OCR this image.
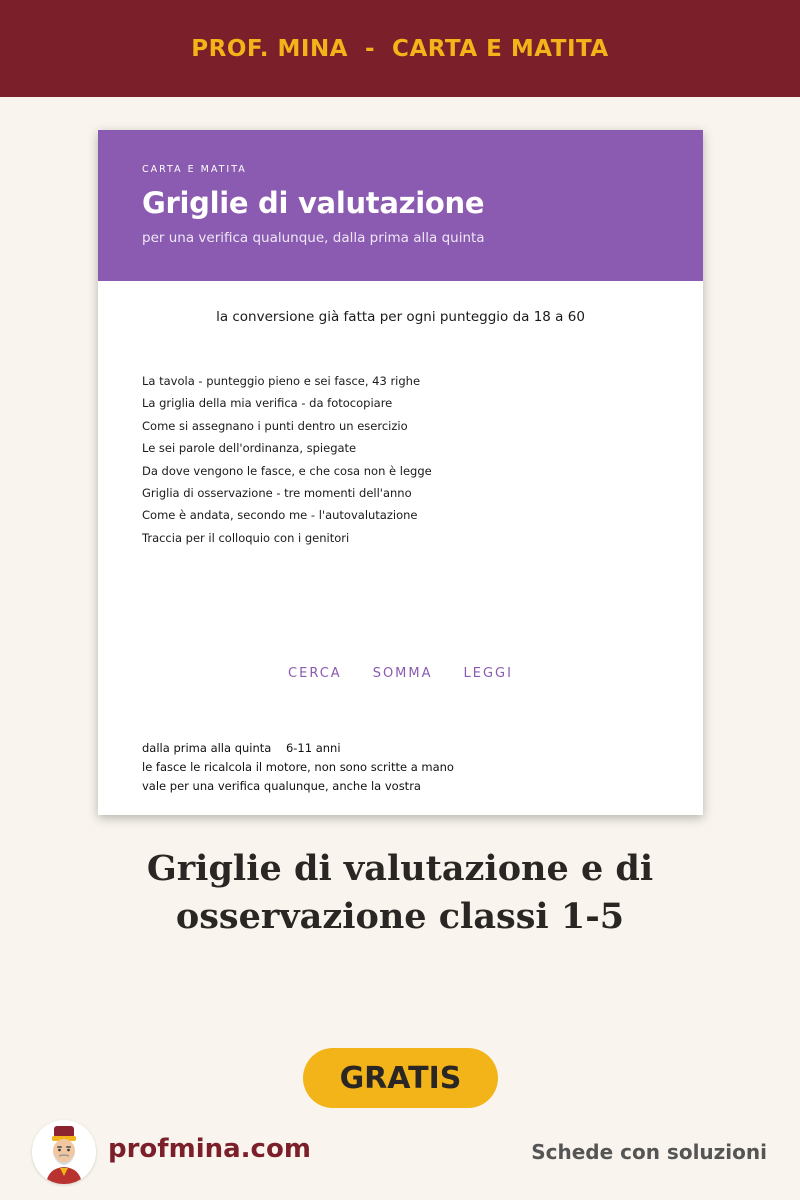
PROF. MINA  -  CARTA E MATITA
CARTA E MATITA
Griglie di valutazione
per una verifica qualunque, dalla prima alla quinta
la conversione già fatta per ogni punteggio da 18 a 60
La tavola - punteggio pieno e sei fasce, 43 righe
La griglia della mia verifica - da fotocopiare
Come si assegnano i punti dentro un esercizio
Le sei parole dell'ordinanza, spiegate
Da dove vengono le fasce, e che cosa non è legge
Griglia di osservazione - tre momenti dell'anno
Come è andata, secondo me - l'autovalutazione
Traccia per il colloquio con i genitori
CERCA SOMMA LEGGI
dalla prima alla quinta    6-11 anni
le fasce le ricalcola il motore, non sono scritte a mano
vale per una verifica qualunque, anche la vostra
Griglie di valutazione e di
osservazione classi 1-5
GRATIS
profmina.com	Schede con soluzioni
